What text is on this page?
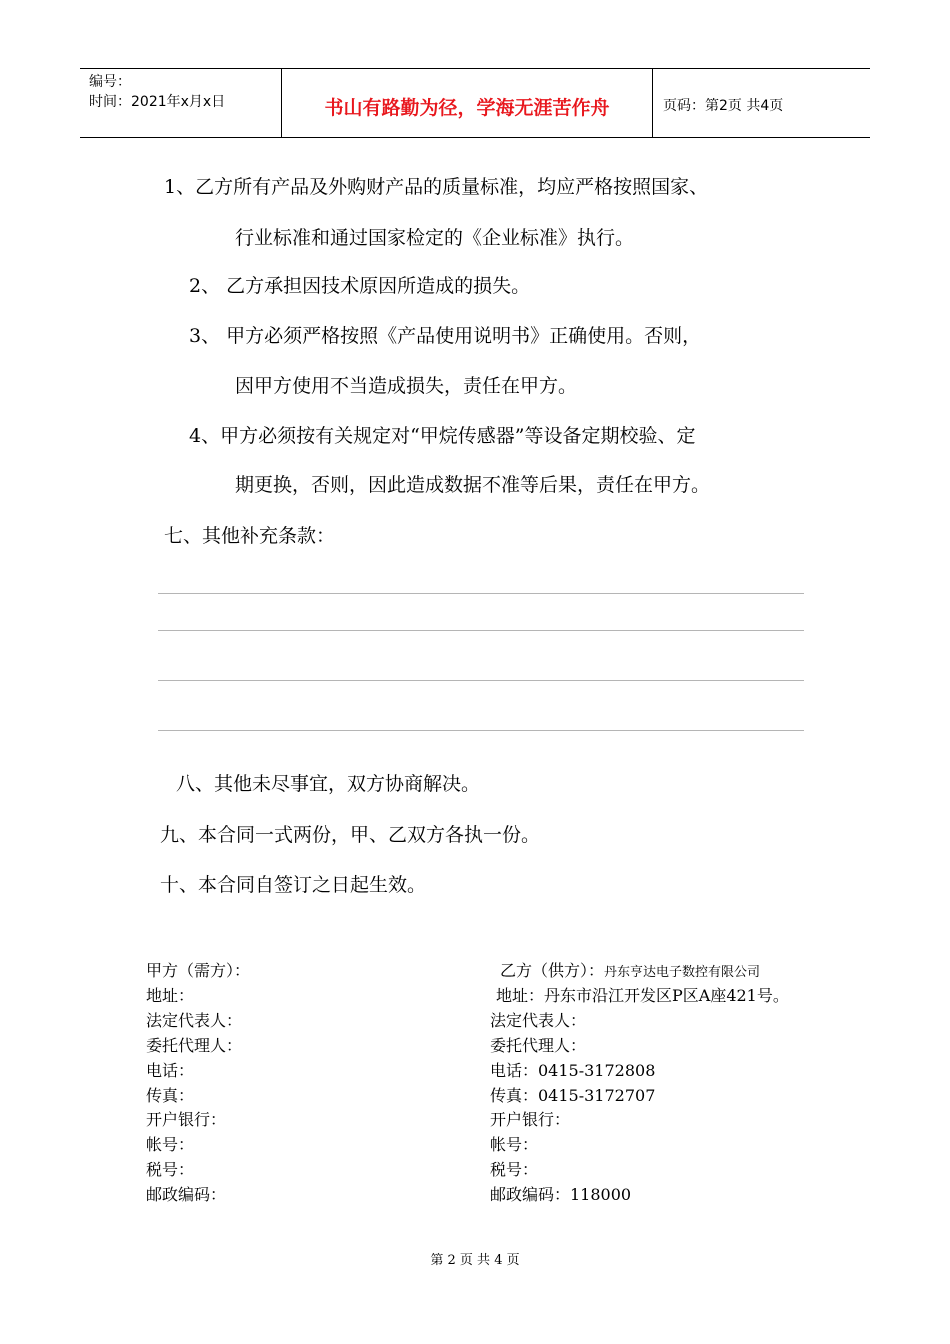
编号：
时间：2021年x月x日	书山有路勤为径，学海无涯苦作舟	页码：第2页 共4页
1、乙方所有产品及外购财产品的质量标准，均应严格按照国家、
行业标准和通过国家检定的《企业标准》执行。
2、 乙方承担因技术原因所造成的损失。
3、 甲方必须严格按照《产品使用说明书》正确使用。否则，
因甲方使用不当造成损失，责任在甲方。
4、甲方必须按有关规定对“甲烷传感器”等设备定期校验、定
期更换，否则，因此造成数据不准等后果，责任在甲方。
七、其他补充条款：
八、其他未尽事宜，双方协商解决。
九、本合同一式两份，甲、乙双方各执一份。
十、本合同自签订之日起生效。
甲方（需方）：
地址：
法定代表人：
委托代理人：
电话：
传真：
开户银行：
帐号：
税号：
邮政编码：
乙方（供方）：丹东亨达电子数控有限公司
地址：丹东市沿江开发区P区A座421号。
法定代表人：
委托代理人：
电话：0415-3172808
传真：0415-3172707
开户银行：
帐号：
税号：
邮政编码：118000
第 2 页 共 4 页
